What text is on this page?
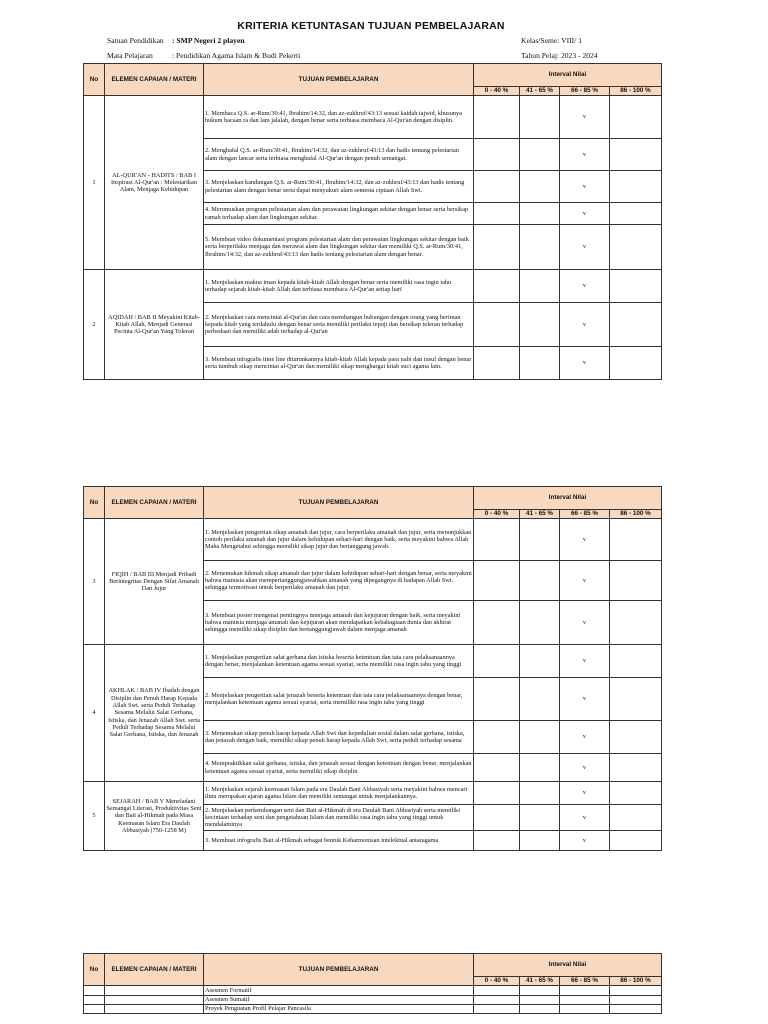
KRITERIA KETUNTASAN TUJUAN PEMBELAJARAN
Satuan Pendidikan : SMP Negeri 2 playen
Mata Pelajaran	: Pendidikan Agama Islam & Budi Pekerti
Kelas/Seme: VIII/ 1
Tahun Pelaj: 2023 - 2024
No	ELEMEN CAPAIAN / MATERI	TUJUAN PEMBELAJARAN	Interval Nilai			
			0 - 40 %	41 - 65 %	66 - 85 %	86 - 100 %
1	AL-QUR'AN - HADITS / BAB I Inspirasi Al-Qur'an : Melestarikan Alam, Menjaga Kehidupan	1. Membaca Q.S. ar-Rum/30:41, Ibrahim/14:32, dan az-zukhruf/43:13 sesuai kaidah tajwid, khusunya hukum bacaan ra dan lam jalalah, dengan benar serta terbiasa membaca Al-Qur'an dengan disiplin.			v	
		2. Menghafal Q.S. ar-Rum/30:41, Ibrahim/14:32, dan az-zukhruf/43:13 dan hadis tentang pelestarian alam dengan lancar serta terbiasa menghafal Al-Qur'an dengan penuh semangat.			v	
		3. Menjelaskan kandungan Q.S. ar-Rum/30:41, Ibrahim/14:32, dan az-zukhruf/43:13 dan hadis tentang pelestarian alam dengan benar serta dapat menyukuri alam semesta ciptaan Allah Swt.			v	
		4. Merumuskan program pelestarian alam dan perawatan lingkungan sekitar dengan benar serta bersikap ramah terhadap alam dan lingkungan sekitar.			v	
		5. Membuat video dokumentasi program pelestarian alam dan perawatan lingkungan sekitar dengan baik serta berperilaku menjaga dan merawat alam dan lingkungan sekitar dan memiliki Q.S. ar-Rum/30:41, Ibrahim/14:32, dan az-zukhruf/43:13 dan hadis tentang pelestarian alam dengan benar.			v	
2	AQIDAH / BAB II Meyakini Kitab-Kitab Allah, Menjadi Generasi Pecinta Al-Qur'an Yang Toleran	1. Menjelaskan makna iman kepada kitab-kitab Allah dengan benar serta memiliki rasa ingin tahu terhadap sejarah kitab-kitab Allah dan terbiasa membaca Al-Qur'an setiap hari			v	
		2. Menjelaskan cara mencintai al-Qur'an dan cara membangun hubungan dengan orang yang beriman kepada kitab yang terdahulu dengan benar serta memiliki perilaku tepuji dan bersikap toleran terhadap perbedaan dan memiliki adab terhadap al-Qur'an			v	
		3. Membuat infografis time line diturunkannya kitab-kitab Allah kepada para nabi dan rasul dengan benar serta tumbuh sikap mencintai al-Qur'an dan memiliki sikap menghargai kitab suci agama lain.			v	
No	ELEMEN CAPAIAN / MATERI	TUJUAN PEMBELAJARAN	Interval Nilai			
			0 - 40 %	41 - 65 %	66 - 85 %	86 - 100 %
3	FIQIH / BAB III Menjadi Pribadi Berintegritas Dengan Sifat Amanah Dan Jujur	1. Menjelaskan pengertian sikap amanah dan jujur, cara berperilaku amanah dan jujur, serta menunjukkan contoh perilaku amanah dan jujur dalam kehidupan sehari-hari dengan baik, serta meyakini bahwa Allah Maha Mengetahui sehingga memiliki sikap jujur dan bertanggung jawab.			v	
		2. Menemukan hikmah sikap amanah dan jujur dalam kehidupan sehari-hari dengan benar, serta meyakini bahwa manusia akan mempertanggungjawabkan amanah yang dipegangnya di hadapan Allah Swt. sehingga termotivasi untuk berperilaku amanah dan jujur.			v	
		3. Membuat poster mengenai pentingnya menjaga amanah dan kejujuran dengan baik, serta meyakini bahwa manusia menjaga amanah dan kejujuran akan mendapatkan kebahagiaan dunia dan akhirat sehingga memiliki sikap disiplin dan bertanggungjawab dalam menjaga amanah			v	
4	AKHLAK / BAB IV Ibadah dengan Disiplin dan Penuh Harap Kepada Allah Swt. serta Peduli Terhadap Sesama Melalui Salat Gerhana, Istiska, dan Jenazah Allah Swt. serta Peduli Terhadap Sesama Melalui Salat Gerhana, Istiska, dan Jenazah	1. Menjelaskan pengertian salat gerhana dan istiska beserta ketentuan dan tata cara pelaksanaannya dengan benar, menjalankan ketentuan agama sesuai syariat, serta memiliki rasa ingin tahu yang tinggi			v	
		2. Menjelaskan pengertian salat jenazah beserta ketentuan dan tata cara pelaksanaannya dengan benar, menjalankan ketentuan agama sesuai syariat, serta memiliki rasa ingin tahu yang tinggi			v	
		3. Menemukan sikap penuh harap kepada Allah Swt dan kepedulian sosial dalam salat gerhana, istiska, dan jenazah dengan baik, memiliki sikap penuh harap kepada Allah Swt, serta peduli terhadap sesama			v	
		4. Mempraktikkan salat gerhana, istiska, dan jenazah sesuai dengan ketentuan dengan benar, menjalankan ketentuan agama sesuai syariat, serta memiliki sikap disiplin			v	
5	SEJARAH / BAB V Meneladani Semangat Literasi, Produktivitas Seni dan Bait al-Hikmah pada Masa Keemasan Islam Era Daulah Abbasiyah (750-1258 M)	1. Menjelaskan sejarah keemasan Islam pada era Daulah Bani Abbasiyah serta meyakini bahwa mencari ilmu merupakan ajaran agama Islam dan memiliki semangat untuk menjalankannya.			v	
		2. Menjelaskan perkembangan seni dan Bait al-Hikmah di era Daulah Bani Abbasiyah serta memiliki kecintaan terhadap seni dan pengetahuan Islam dan memiliki rasa ingin tahu yang tinggi untuk mendalaminya			v	
		3. Membuat infografis Bait al-Hikmah sebagai bentuk Keharmonisan intelektual antaragama			v	
No	ELEMEN CAPAIAN / MATERI	TUJUAN PEMBELAJARAN	Interval Nilai			
			0 - 40 %	41 - 65 %	66 - 85 %	86 - 100 %
		Asesmen Formatif				
		Asesmen Sumatif				
		Proyek Penguatan Profil Pelajar Pancasila				
